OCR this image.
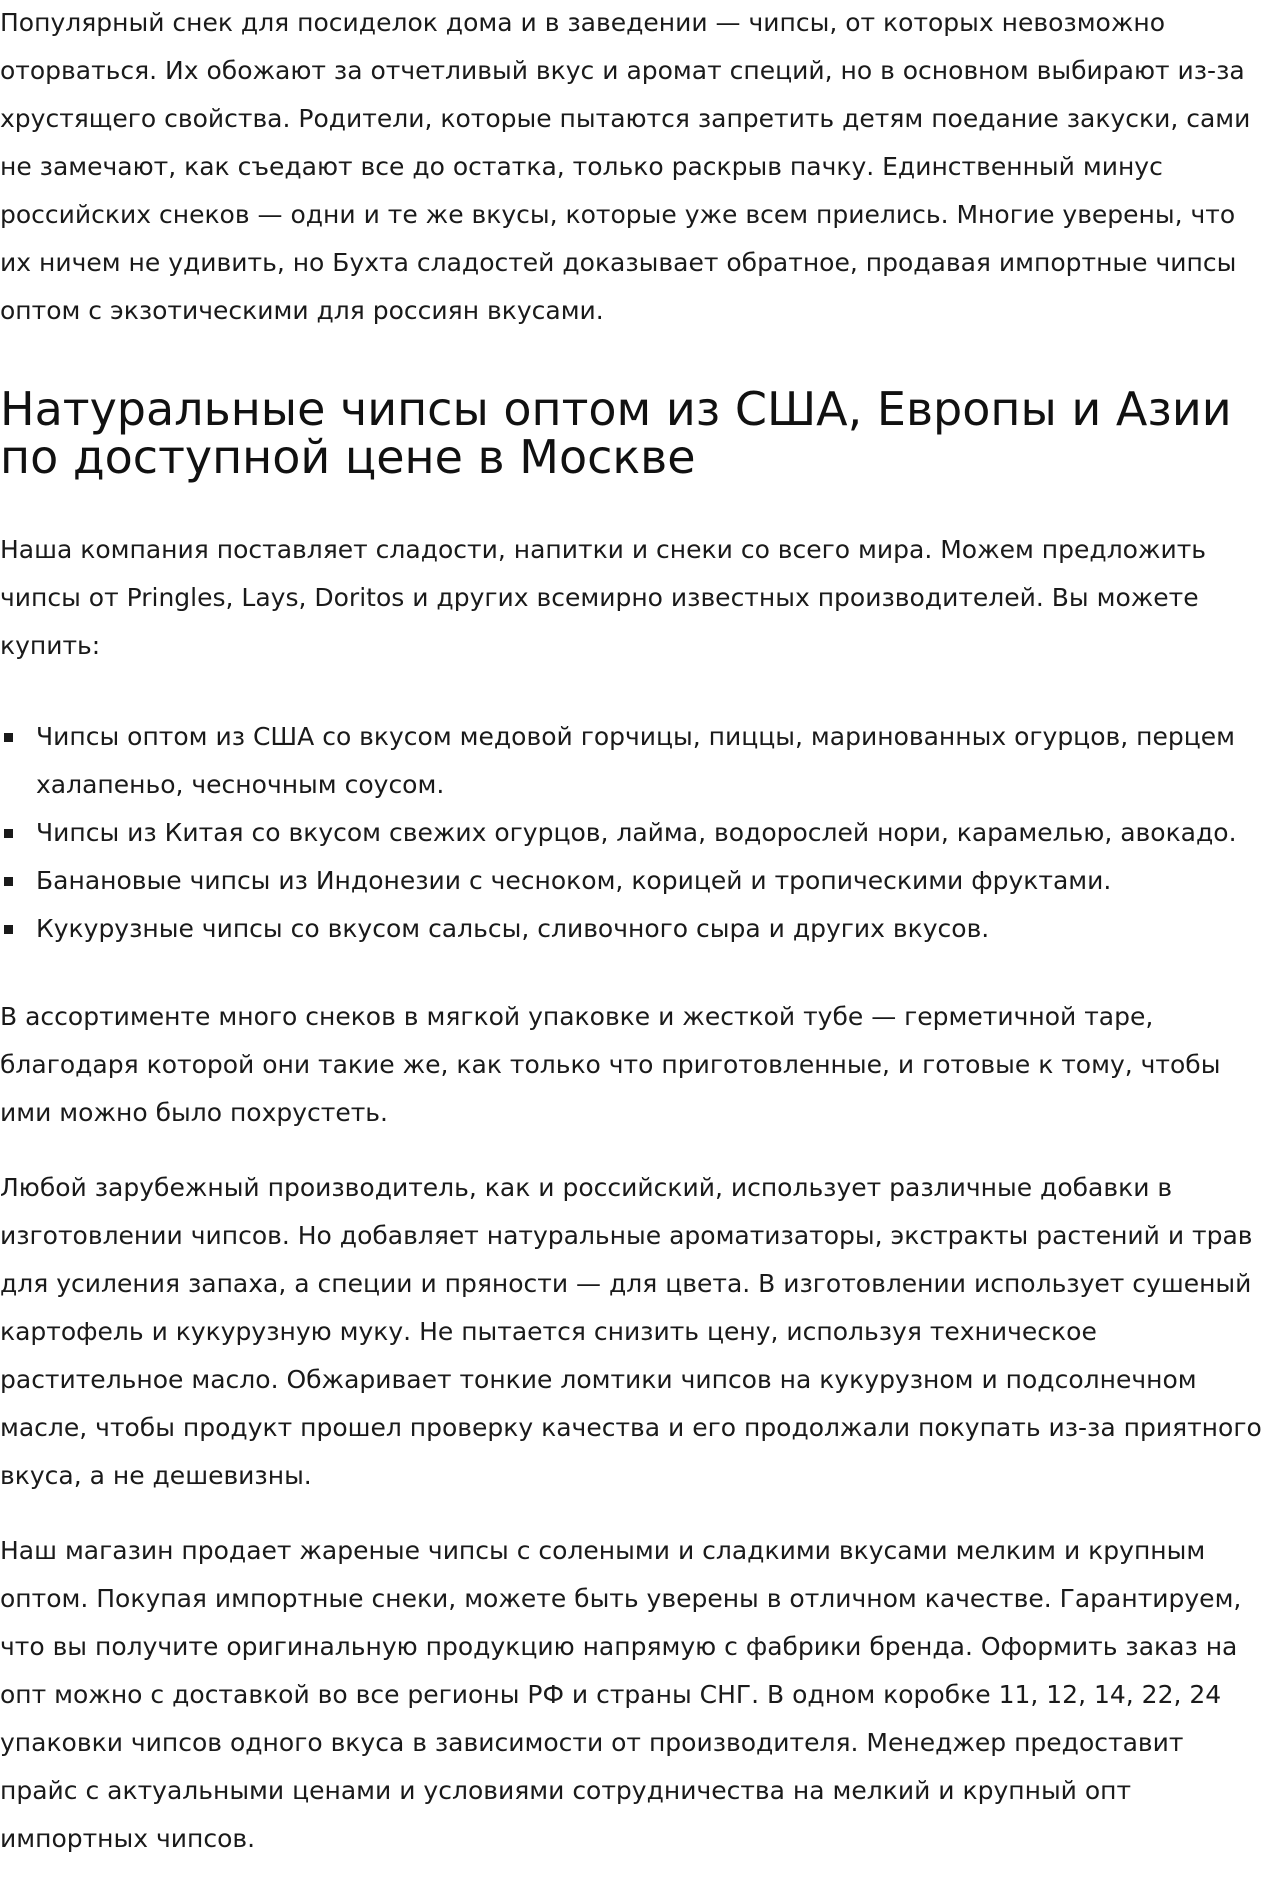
Популярный снек для посиделок дома и в заведении — чипсы, от которых невозможно оторваться. Их обожают за отчетливый вкус и аромат специй, но в основном выбирают из-за хрустящего свойства. Родители, которые пытаются запретить детям поедание закуски, сами не замечают, как съедают все до остатка, только раскрыв пачку. Единственный минус российских снеков — одни и те же вкусы, которые уже всем приелись. Многие уверены, что их ничем не удивить, но Бухта сладостей доказывает обратное, продавая импортные чипсы оптом с экзотическими для россиян вкусами.

Натуральные чипсы оптом из США, Европы и Азии по доступной цене в Москве

Наша компания поставляет сладости, напитки и снеки со всего мира. Можем предложить чипсы от Pringles, Lays, Doritos и других всемирно известных производителей. Вы можете купить:

Чипсы оптом из США со вкусом медовой горчицы, пиццы, маринованных огурцов, перцем халапеньо, чесночным соусом.
Чипсы из Китая со вкусом свежих огурцов, лайма, водорослей нори, карамелью, авокадо.
Банановые чипсы из Индонезии с чесноком, корицей и тропическими фруктами.
Кукурузные чипсы со вкусом сальсы, сливочного сыра и других вкусов.

В ассортименте много снеков в мягкой упаковке и жесткой тубе — герметичной таре, благодаря которой они такие же, как только что приготовленные, и готовые к тому, чтобы ими можно было похрустеть.

Любой зарубежный производитель, как и российский, использует различные добавки в изготовлении чипсов. Но добавляет натуральные ароматизаторы, экстракты растений и трав для усиления запаха, а специи и пряности — для цвета. В изготовлении использует сушеный картофель и кукурузную муку. Не пытается снизить цену, используя техническое растительное масло. Обжаривает тонкие ломтики чипсов на кукурузном и подсолнечном масле, чтобы продукт прошел проверку качества и его продолжали покупать из-за приятного вкуса, а не дешевизны.

Наш магазин продает жареные чипсы с солеными и сладкими вкусами мелким и крупным оптом. Покупая импортные снеки, можете быть уверены в отличном качестве. Гарантируем, что вы получите оригинальную продукцию напрямую с фабрики бренда. Оформить заказ на опт можно с доставкой во все регионы РФ и страны СНГ. В одном коробке 11, 12, 14, 22, 24 упаковки чипсов одного вкуса в зависимости от производителя. Менеджер предоставит прайс с актуальными ценами и условиями сотрудничества на мелкий и крупный опт импортных чипсов.
